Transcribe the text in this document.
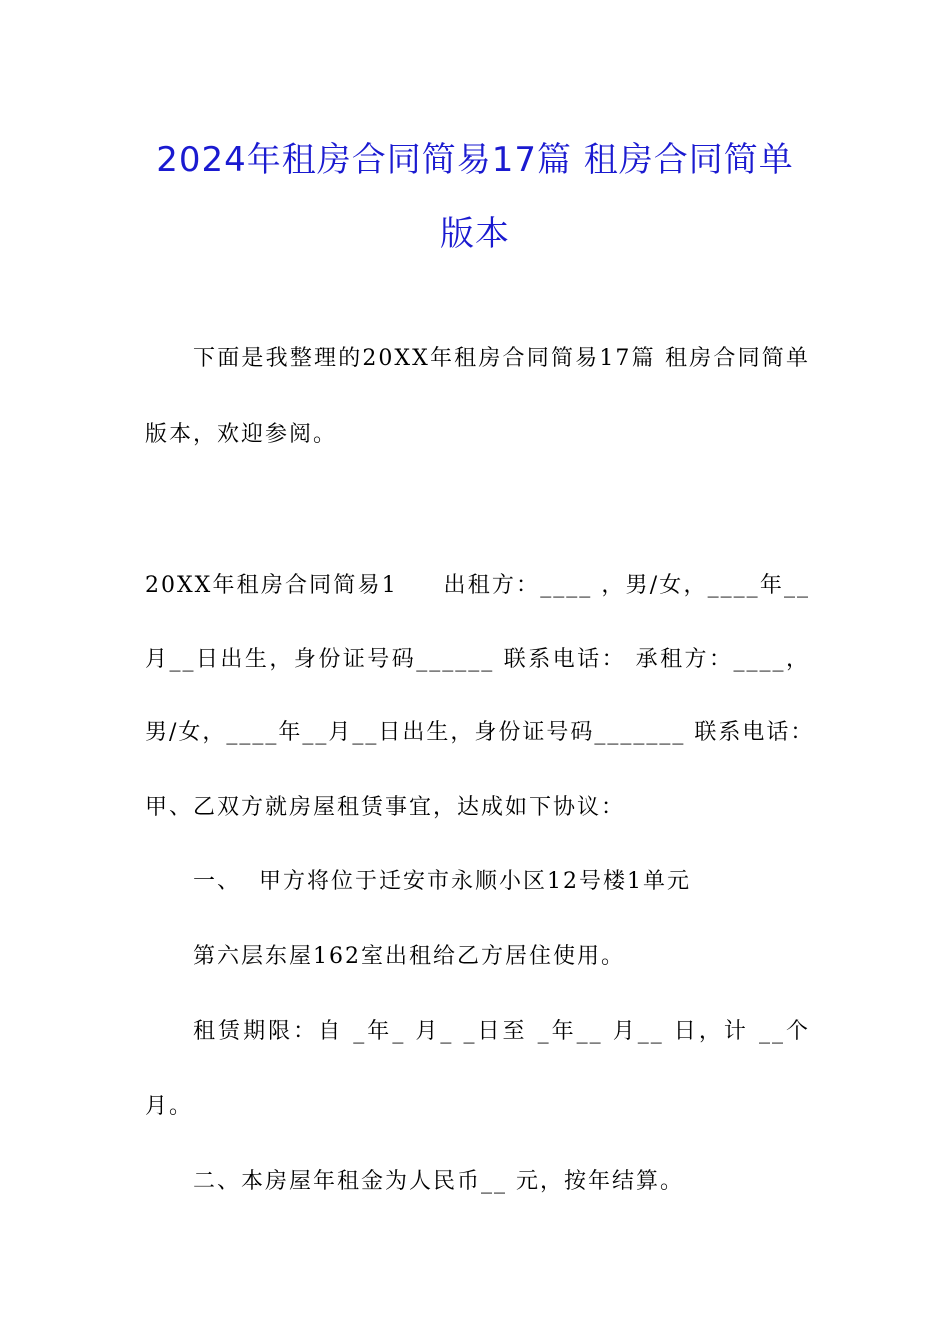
2024年租房合同简易17篇 租房合同简单
版本
下面是我整理的20XX年租房合同简易17篇 租房合同简单
版本，欢迎参阅。
20XX年租房合同简易1     出租方：____ ，男/女，____年__
月__日出生，身份证号码______ 联系电话： 承租方：____，
男/女，____年__月__日出生，身份证号码_______ 联系电话：
甲、乙双方就房屋租赁事宜，达成如下协议：
一、  甲方将位于迁安市永顺小区12号楼1单元
第六层东屋162室出租给乙方居住使用。
租赁期限：自 _年_ 月_ _日至 _年__ 月__ 日，计 __个
月。
二、本房屋年租金为人民币__ 元，按年结算。
